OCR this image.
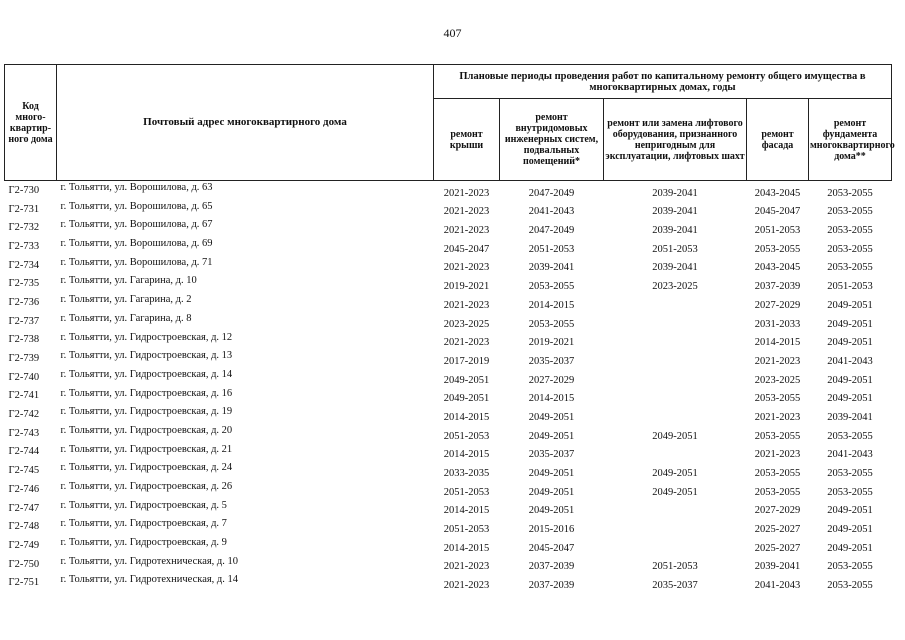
407
Код много-квартир-ного дома	Почтовый адрес многоквартирного дома	Плановые периоды проведения работ по капитальному ремонту общего имущества в многоквартирных домах, годы				
		ремонт крыши	ремонт внутридомовых инженерных систем, подвальных помещений*	ремонт или замена лифтового оборудования, признанного непригодным для эксплуатации, лифтовых шахт	ремонт фасада	ремонт фундамента многоквартирного дома**
Г2-730	г. Тольятти, ул. Ворошилова, д. 63	2021-2023	2047-2049	2039-2041	2043-2045	2053-2055
Г2-731	г. Тольятти, ул. Ворошилова, д. 65	2021-2023	2041-2043	2039-2041	2045-2047	2053-2055
Г2-732	г. Тольятти, ул. Ворошилова, д. 67	2021-2023	2047-2049	2039-2041	2051-2053	2053-2055
Г2-733	г. Тольятти, ул. Ворошилова, д. 69	2045-2047	2051-2053	2051-2053	2053-2055	2053-2055
Г2-734	г. Тольятти, ул. Ворошилова, д. 71	2021-2023	2039-2041	2039-2041	2043-2045	2053-2055
Г2-735	г. Тольятти, ул. Гагарина, д. 10	2019-2021	2053-2055	2023-2025	2037-2039	2051-2053
Г2-736	г. Тольятти, ул. Гагарина, д. 2	2021-2023	2014-2015		2027-2029	2049-2051
Г2-737	г. Тольятти, ул. Гагарина, д. 8	2023-2025	2053-2055		2031-2033	2049-2051
Г2-738	г. Тольятти, ул. Гидростроевская, д. 12	2021-2023	2019-2021		2014-2015	2049-2051
Г2-739	г. Тольятти, ул. Гидростроевская, д. 13	2017-2019	2035-2037		2021-2023	2041-2043
Г2-740	г. Тольятти, ул. Гидростроевская, д. 14	2049-2051	2027-2029		2023-2025	2049-2051
Г2-741	г. Тольятти, ул. Гидростроевская, д. 16	2049-2051	2014-2015		2053-2055	2049-2051
Г2-742	г. Тольятти, ул. Гидростроевская, д. 19	2014-2015	2049-2051		2021-2023	2039-2041
Г2-743	г. Тольятти, ул. Гидростроевская, д. 20	2051-2053	2049-2051	2049-2051	2053-2055	2053-2055
Г2-744	г. Тольятти, ул. Гидростроевская, д. 21	2014-2015	2035-2037		2021-2023	2041-2043
Г2-745	г. Тольятти, ул. Гидростроевская, д. 24	2033-2035	2049-2051	2049-2051	2053-2055	2053-2055
Г2-746	г. Тольятти, ул. Гидростроевская, д. 26	2051-2053	2049-2051	2049-2051	2053-2055	2053-2055
Г2-747	г. Тольятти, ул. Гидростроевская, д. 5	2014-2015	2049-2051		2027-2029	2049-2051
Г2-748	г. Тольятти, ул. Гидростроевская, д. 7	2051-2053	2015-2016		2025-2027	2049-2051
Г2-749	г. Тольятти, ул. Гидростроевская, д. 9	2014-2015	2045-2047		2025-2027	2049-2051
Г2-750	г. Тольятти, ул. Гидротехническая, д. 10	2021-2023	2037-2039	2051-2053	2039-2041	2053-2055
Г2-751	г. Тольятти, ул. Гидротехническая, д. 14	2021-2023	2037-2039	2035-2037	2041-2043	2053-2055
